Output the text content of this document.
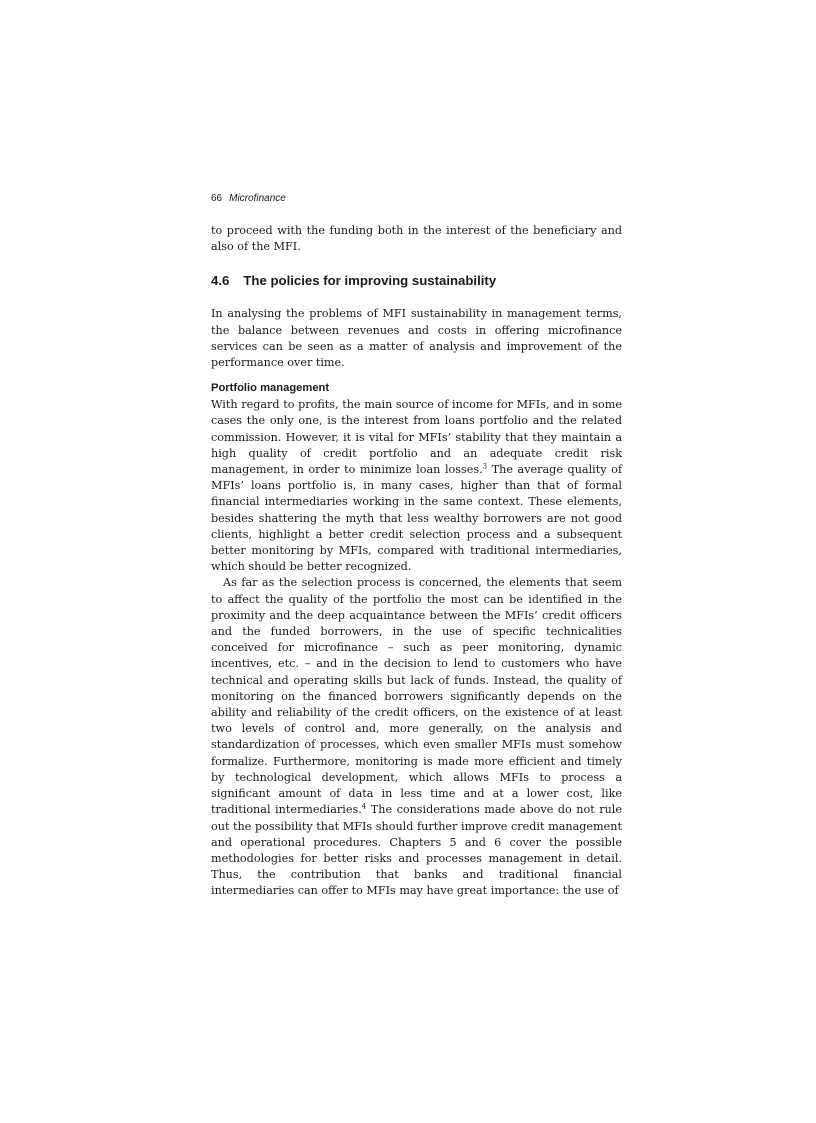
66 Microfinance

to proceed with the funding both in the interest of the beneficiary and also of the MFI.

4.6 The policies for improving sustainability

In analysing the problems of MFI sustainability in management terms, the balance between revenues and costs in offering microfinance services can be seen as a matter of analysis and improvement of the performance over time.

Portfolio management

With regard to profits, the main source of income for MFIs, and in some cases the only one, is the interest from loans portfolio and the related commission. However, it is vital for MFIs’ stability that they maintain a high quality of credit portfolio and an adequate credit risk management, in order to minimize loan losses.$^3$ The average quality of MFIs’ loans portfolio is, in many cases, higher than that of formal financial intermediaries working in the same context. These elements, besides shattering the myth that less wealthy borrowers are not good clients, highlight a better credit selection process and a subsequent better monitoring by MFIs, compared with traditional intermediaries, which should be better recognized.

As far as the selection process is concerned, the elements that seem to affect the quality of the portfolio the most can be identified in the proximity and the deep acquaintance between the MFIs’ credit officers and the funded borrowers, in the use of specific technicalities conceived for microfinance – such as peer monitoring, dynamic incentives, etc. – and in the decision to lend to customers who have technical and operating skills but lack of funds. Instead, the quality of monitoring on the financed borrowers significantly depends on the ability and reliability of the credit officers, on the existence of at least two levels of control and, more generally, on the analysis and standardization of processes, which even smaller MFIs must somehow formalize. Furthermore, monitoring is made more efficient and timely by technological development, which allows MFIs to process a significant amount of data in less time and at a lower cost, like traditional intermediaries.$^4$ The considerations made above do not rule out the possibility that MFIs should further improve credit management and operational procedures. Chapters 5 and 6 cover the possible methodologies for better risks and processes management in detail. Thus, the contribution that banks and traditional financial intermediaries can offer to MFIs may have great importance: the use of
